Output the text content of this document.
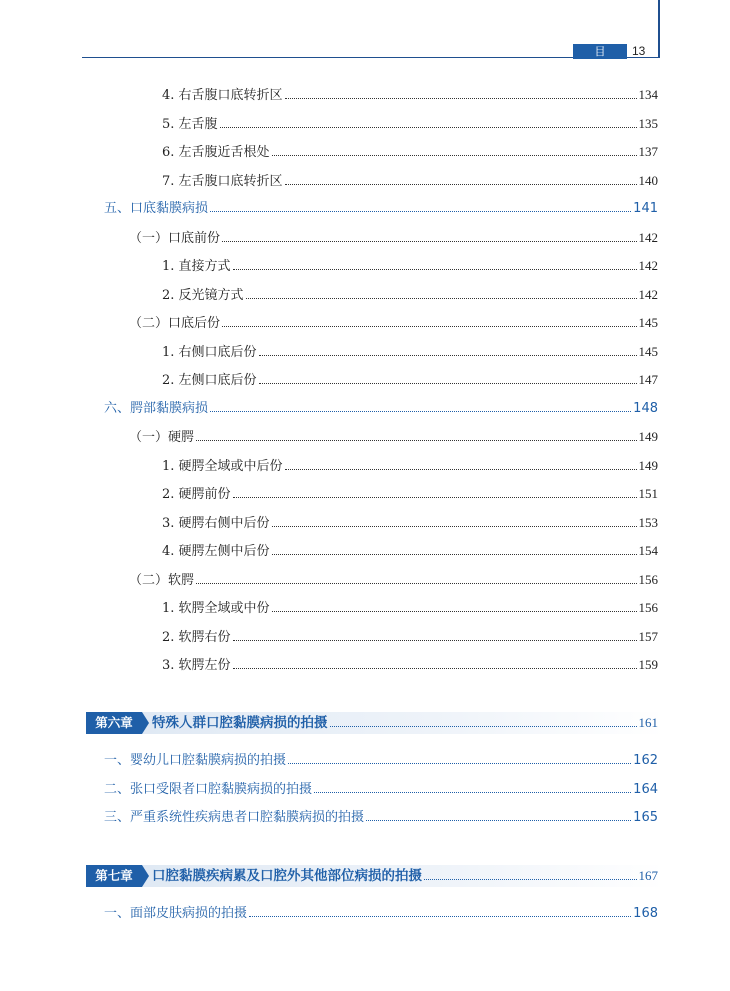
目 录
13
4. 右舌腹口底转折区	134
5. 左舌腹	135
6. 左舌腹近舌根处	137
7. 左舌腹口底转折区	140
五、口底黏膜病损	141
（一）口底前份	142
1. 直接方式	142
2. 反光镜方式	142
（二）口底后份	145
1. 右侧口底后份	145
2. 左侧口底后份	147
六、腭部黏膜病损	148
（一）硬腭	149
1. 硬腭全域或中后份	149
2. 硬腭前份	151
3. 硬腭右侧中后份	153
4. 硬腭左侧中后份	154
（二）软腭	156
1. 软腭全域或中份	156
2. 软腭右份	157
3. 软腭左份	159
第六章	特殊人群口腔黏膜病损的拍摄	161
一、婴幼儿口腔黏膜病损的拍摄	162
二、张口受限者口腔黏膜病损的拍摄	164
三、严重系统性疾病患者口腔黏膜病损的拍摄	165
第七章	口腔黏膜疾病累及口腔外其他部位病损的拍摄	167
一、面部皮肤病损的拍摄	168
